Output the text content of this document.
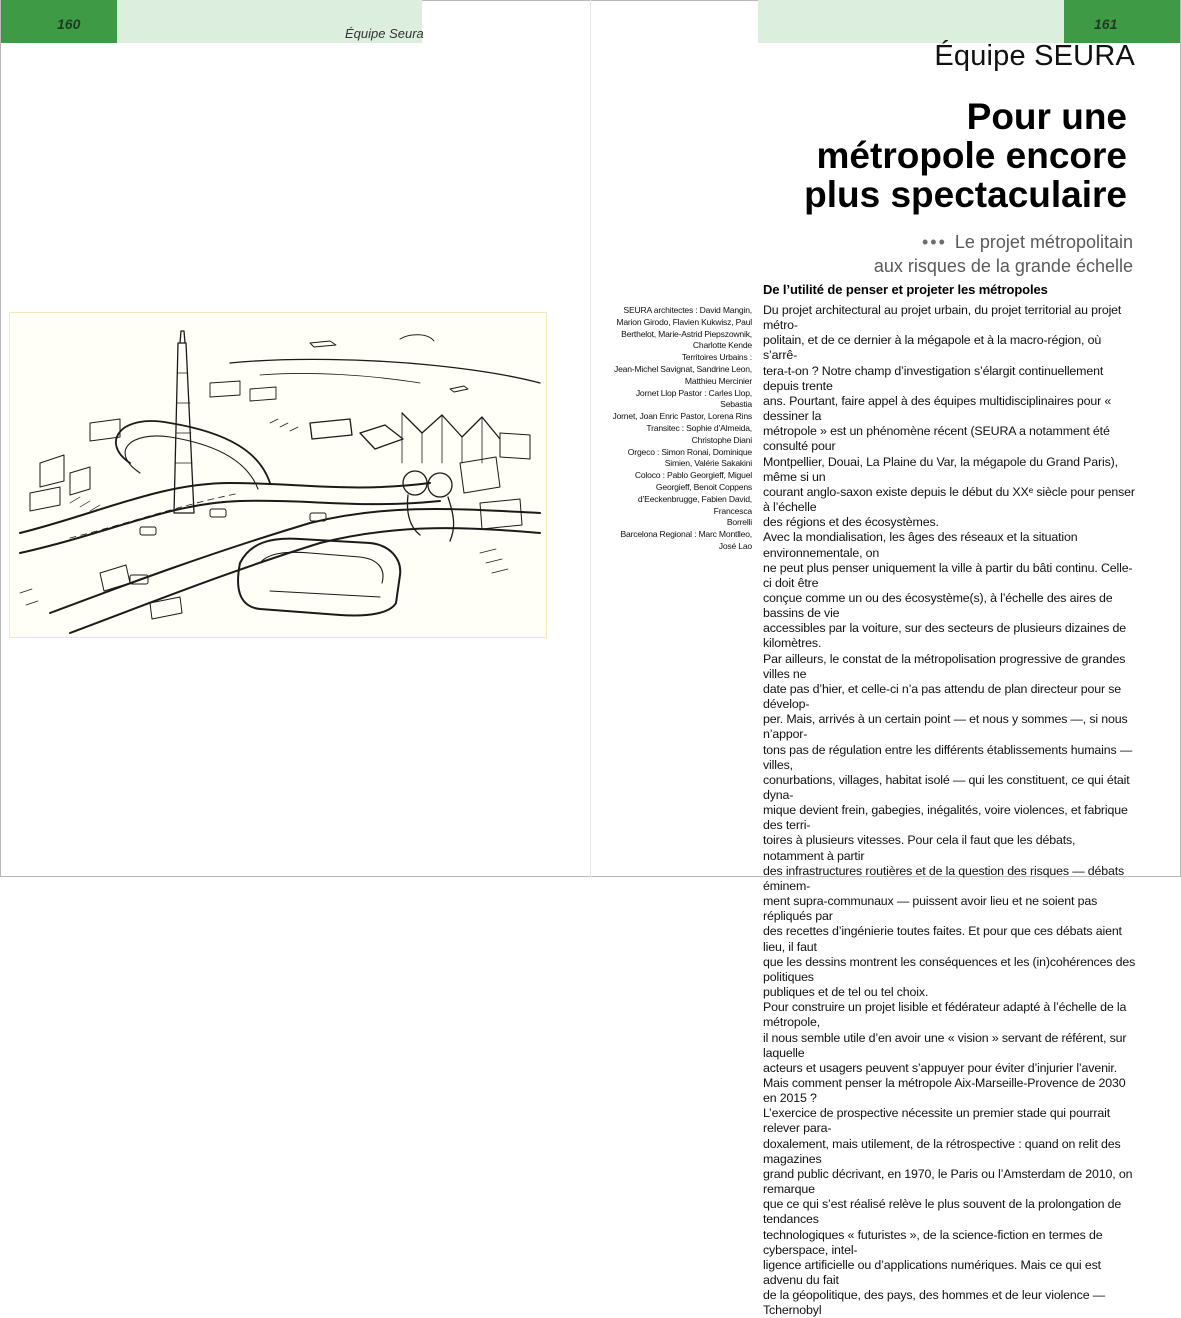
160
Équipe Seura
161
Équipe SEURA
Pour une
métropole encore
plus spectaculaire
••• Le projet métropolitain
aux risques de la grande échelle
De l’utilité de penser et projeter les métropoles

SEURA architectes : David Mangin,

Marion Girodo, Flavien Kukwisz, Paul

Berthelot, Marie-Astrid Piepszownik,

Charlotte Kende

Territoires Urbains :

Jean-Michel Savignat, Sandrine Leon,

Matthieu Mercinier

Jornet Llop Pastor : Carles Llop, Sebastia

Jornet, Joan Enric Pastor, Lorena Rins

Transitec : Sophie d’Almeida,

Christophe Diani

Orgeco : Simon Ronai, Dominique

Simien, Valérie Sakakini

Coloco : Pablo Georgieff, Miguel

Georgieff, Benoit Coppens

d’Eeckenbrugge, Fabien David, Francesca

Borrelli

Barcelona Regional : Marc Montlleo,

José Lao

Du projet architectural au projet urbain, du projet territorial au projet métro-

politain, et de ce dernier à la mégapole et à la macro-région, où s’arrê-

tera-t-on ? Notre champ d’investigation s’élargit continuellement depuis trente

ans. Pourtant, faire appel à des équipes multidisciplinaires pour « dessiner la

métropole » est un phénomène récent (SEURA a notamment été consulté pour

Montpellier, Douai, La Plaine du Var, la mégapole du Grand Paris), même si un

courant anglo-saxon existe depuis le début du XXᵉ siècle pour penser à l’échelle

des régions et des écosystèmes.

Avec la mondialisation, les âges des réseaux et la situation environnementale, on

ne peut plus penser uniquement la ville à partir du bâti continu. Celle-ci doit être

conçue comme un ou des écosystème(s), à l’échelle des aires de bassins de vie

accessibles par la voiture, sur des secteurs de plusieurs dizaines de kilomètres.

Par ailleurs, le constat de la métropolisation progressive de grandes villes ne

date pas d’hier, et celle-ci n’a pas attendu de plan directeur pour se dévelop-

per. Mais, arrivés à un certain point — et nous y sommes —, si nous n’appor-

tons pas de régulation entre les différents établissements humains — villes,

conurbations, villages, habitat isolé — qui les constituent, ce qui était dyna-

mique devient frein, gabegies, inégalités, voire violences, et fabrique des terri-

toires à plusieurs vitesses. Pour cela il faut que les débats, notamment à partir

des infrastructures routières et de la question des risques — débats éminem-

ment supra-communaux — puissent avoir lieu et ne soient pas répliqués par

des recettes d’ingénierie toutes faites. Et pour que ces débats aient lieu, il faut

que les dessins montrent les conséquences et les (in)cohérences des politiques

publiques et de tel ou tel choix.

Pour construire un projet lisible et fédérateur adapté à l’échelle de la métropole,

il nous semble utile d’en avoir une « vision » servant de référent, sur laquelle

acteurs et usagers peuvent s’appuyer pour éviter d’injurier l’avenir.

Mais comment penser la métropole Aix-Marseille-Provence de 2030 en 2015 ?

L’exercice de prospective nécessite un premier stade qui pourrait relever para-

doxalement, mais utilement, de la rétrospective : quand on relit des magazines

grand public décrivant, en 1970, le Paris ou l’Amsterdam de 2010, on remarque

que ce qui s’est réalisé relève le plus souvent de la prolongation de tendances

technologiques « futuristes », de la science-fiction en termes de cyberspace, intel-

ligence artificielle ou d’applications numériques. Mais ce qui est advenu du fait

de la géopolitique, des pays, des hommes et de leur violence — Tchernobyl
